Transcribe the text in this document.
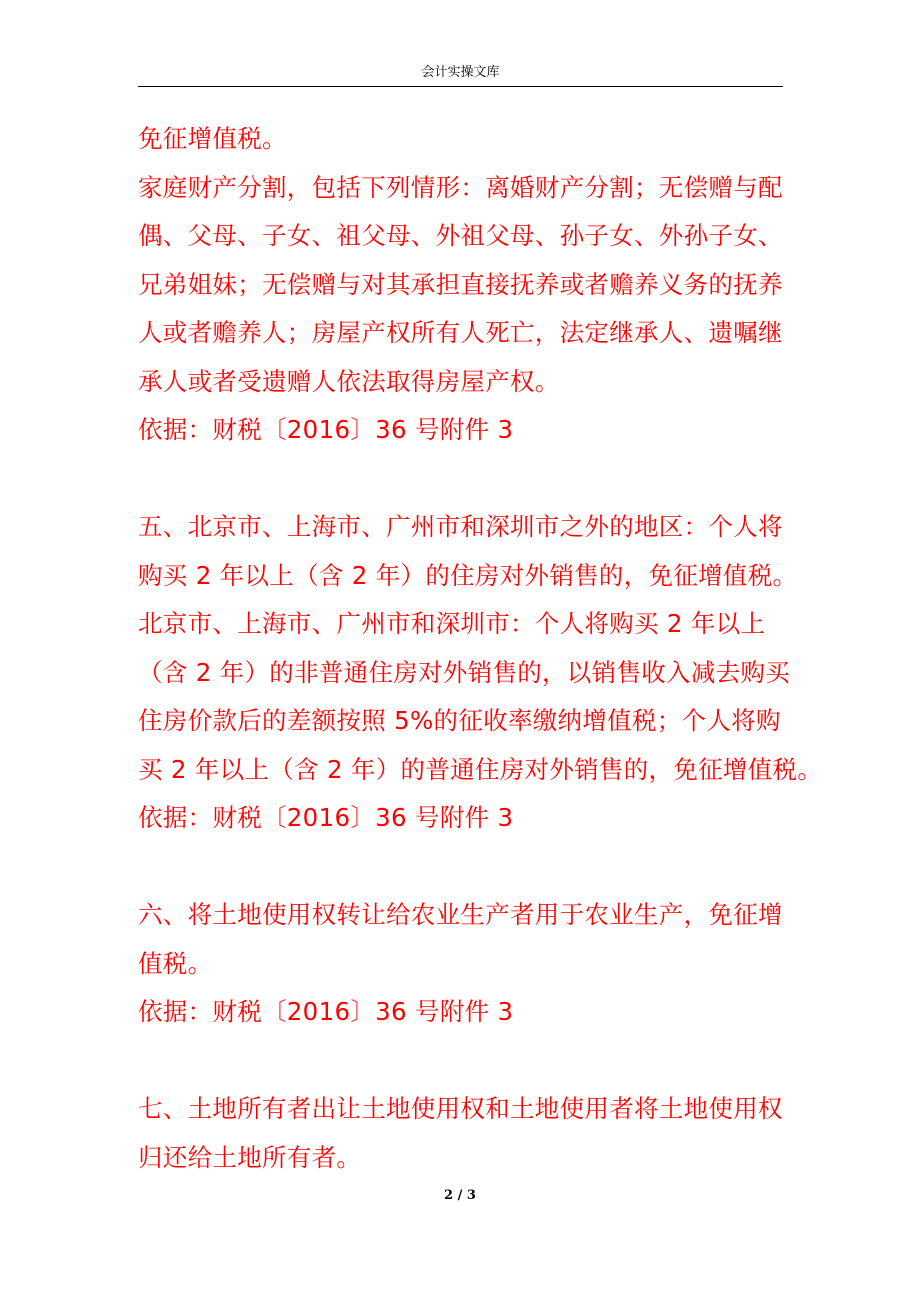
会计实操文库
免征增值税。
家庭财产分割，包括下列情形：离婚财产分割；无偿赠与配
偶、父母、子女、祖父母、外祖父母、孙子女、外孙子女、
兄弟姐妹；无偿赠与对其承担直接抚养或者赡养义务的抚养
人或者赡养人；房屋产权所有人死亡，法定继承人、遗嘱继
承人或者受遗赠人依法取得房屋产权。
依据：财税〔2016〕36 号附件 3
五、北京市、上海市、广州市和深圳市之外的地区：个人将
购买 2 年以上（含 2 年）的住房对外销售的，免征增值税。
北京市、上海市、广州市和深圳市：个人将购买 2 年以上
（含 2 年）的非普通住房对外销售的，以销售收入减去购买
住房价款后的差额按照 5%的征收率缴纳增值税；个人将购
买 2 年以上（含 2 年）的普通住房对外销售的，免征增值税。
依据：财税〔2016〕36 号附件 3
六、将土地使用权转让给农业生产者用于农业生产，免征增
值税。
依据：财税〔2016〕36 号附件 3
七、土地所有者出让土地使用权和土地使用者将土地使用权
归还给土地所有者。
2 / 3
